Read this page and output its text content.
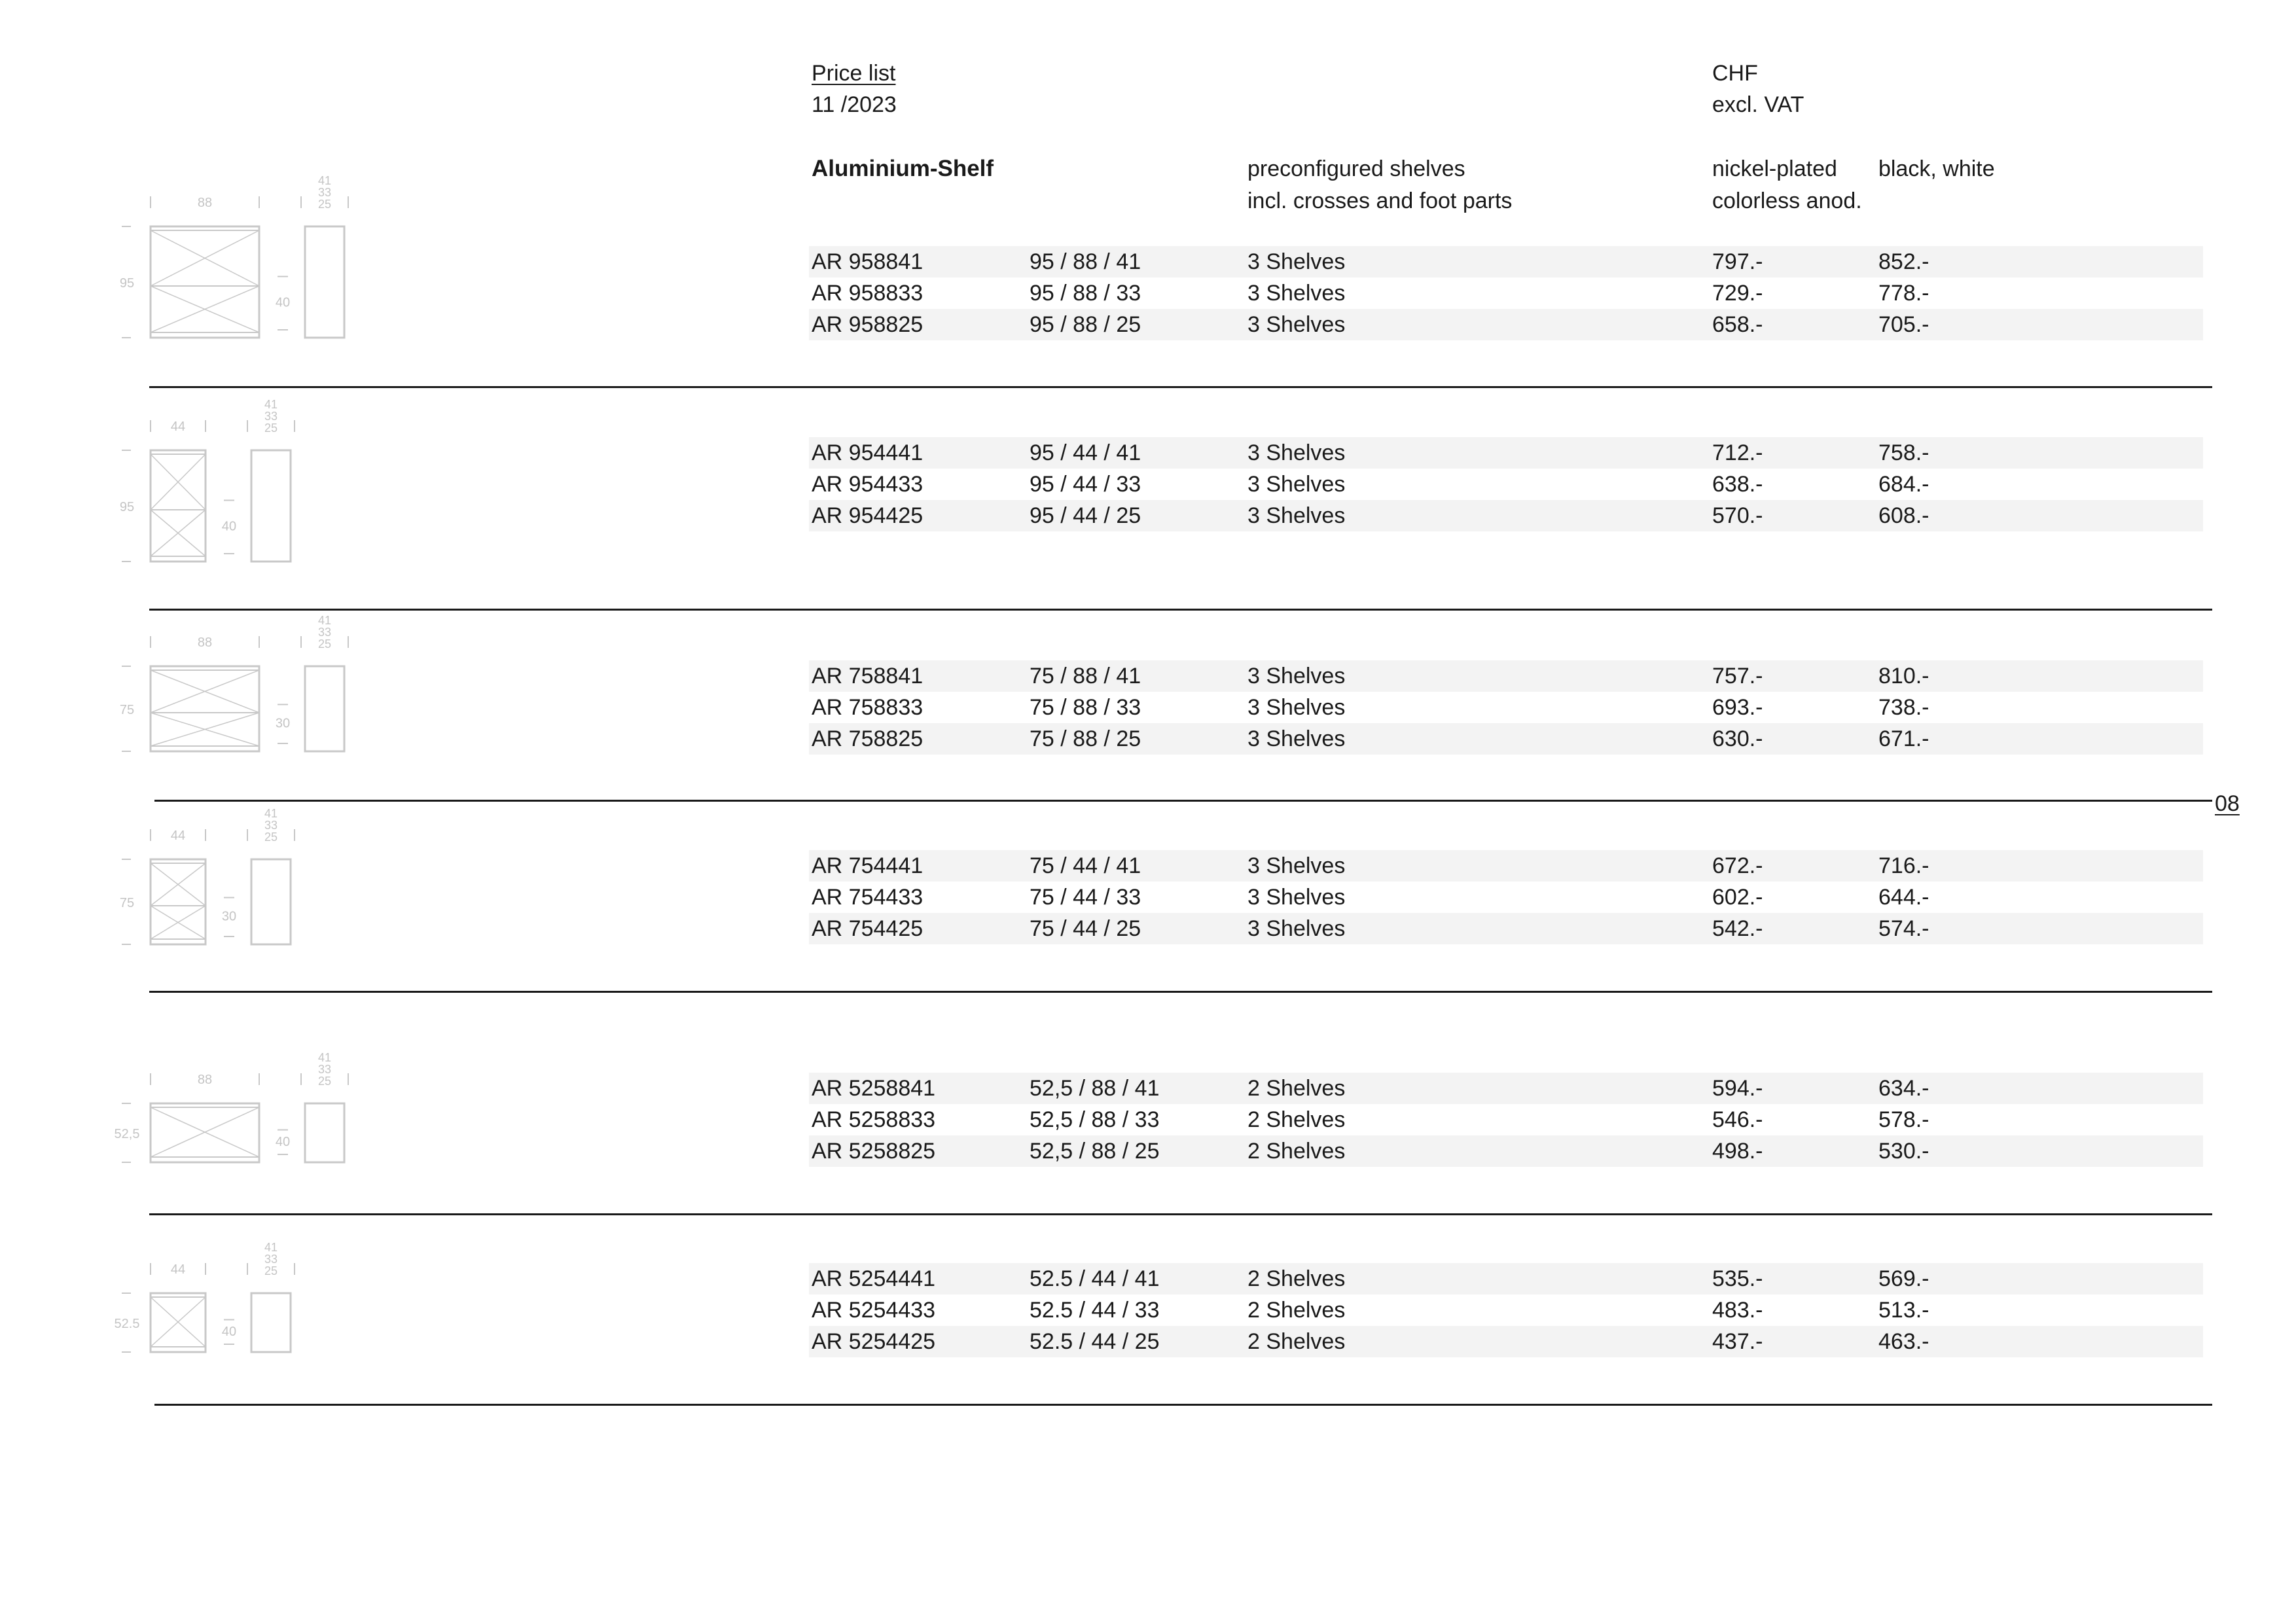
Price list
11 /2023
CHF
excl. VAT
Aluminium-Shelf	preconfigured shelves
incl. crosses and foot parts
nickel-plated
colorless anod.
black, white
08
AR 958841	95 / 88 / 41	3 Shelves	797.-	852.-
AR 958833	95 / 88 / 33	3 Shelves	729.-	778.-
AR 958825	95 / 88 / 25	3 Shelves	658.-	705.-
88
95
40
41
33
25
AR 954441	95 / 44 / 41	3 Shelves	712.-	758.-
AR 954433	95 / 44 / 33	3 Shelves	638.-	684.-
AR 954425	95 / 44 / 25	3 Shelves	570.-	608.-
44
95
40
41
33
25
AR 758841	75 / 88 / 41	3 Shelves	757.-	810.-
AR 758833	75 / 88 / 33	3 Shelves	693.-	738.-
AR 758825	75 / 88 / 25	3 Shelves	630.-	671.-
88
75
30
41
33
25
AR 754441	75 / 44 / 41	3 Shelves	672.-	716.-
AR 754433	75 / 44 / 33	3 Shelves	602.-	644.-
AR 754425	75 / 44 / 25	3 Shelves	542.-	574.-
44
75
30
41
33
25
AR 5258841	52,5 / 88 / 41	2 Shelves	594.-	634.-
AR 5258833	52,5 / 88 / 33	2 Shelves	546.-	578.-
AR 5258825	52,5 / 88 / 25	2 Shelves	498.-	530.-
88
52,5
40
41
33
25
AR 5254441	52.5 / 44 / 41	2 Shelves	535.-	569.-
AR 5254433	52.5 / 44 / 33	2 Shelves	483.-	513.-
AR 5254425	52.5 / 44 / 25	2 Shelves	437.-	463.-
44
52.5
40
41
33
25
